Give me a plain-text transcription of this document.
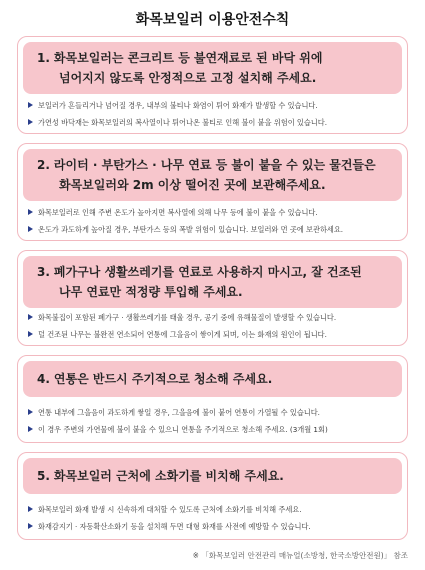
화목보일러 이용안전수칙
1. 화목보일러는 콘크리트 등 불연재료로 된 바닥 위에
넘어지지 않도록 안정적으로 고정 설치해 주세요.
보일러가 흔들리거나 넘어질 경우, 내부의 불티나 화염이 튀어 화재가 발생할 수 있습니다.
가연성 바닥재는 화목보일러의 복사열이나 튀어나온 불티로 인해 불이 붙을 위험이 있습니다.
2. 라이터 · 부탄가스 · 나무 연료 등 불이 붙을 수 있는 물건들은
화목보일러와 2m 이상 떨어진 곳에 보관해주세요.
화목보일러로 인해 주변 온도가 높아지면 복사열에 의해 나무 등에 불이 붙을 수 있습니다.
온도가 과도하게 높아질 경우, 부탄가스 등의 폭발 위험이 있습니다. 보일러와 먼 곳에 보관하세요.
3. 폐가구나 생활쓰레기를 연료로 사용하지 마시고, 잘 건조된
나무 연료만 적정량 투입해 주세요.
화목불집이 포함된 폐가구 · 생활쓰레기를 태울 경우, 공기 중에 유해물질이 발생할 수 있습니다.
덜 건조된 나무는 불완전 연소되어 연통에 그을음이 쌓이게 되며, 이는 화재의 원인이 됩니다.
4. 연통은 반드시 주기적으로 청소해 주세요.
연통 내부에 그을음이 과도하게 쌓일 경우, 그을음에 불이 붙어 연통이 가열될 수 있습니다.
이 경우 주변의 가연물에 불이 붙을 수 있으니 연통을 주기적으로 청소해 주세요. (3개월 1회)
5. 화목보일러 근처에 소화기를 비치해 주세요.
화목보일러 화재 발생 시 신속하게 대처할 수 있도록 근처에 소화기를 비치해 주세요.
화재감지기 · 자동확산소화기 등을 설치해 두면 대형 화재를 사전에 예방할 수 있습니다.
※ 「화목보일러 안전관리 매뉴얼(소방청, 한국소방안전원)」 참조
